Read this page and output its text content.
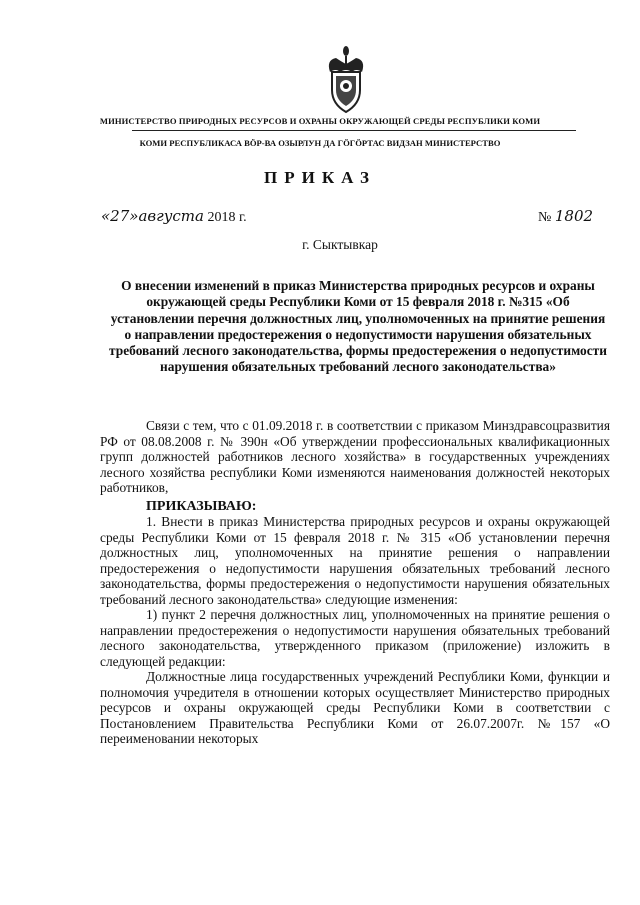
МИНИСТЕРСТВО ПРИРОДНЫХ РЕСУРСОВ И ОХРАНЫ ОКРУЖАЮЩЕЙ СРЕДЫ РЕСПУБЛИКИ КОМИ
КОМИ РЕСПУБЛИКАСА ВӦР-ВА ОЗЫРЛУН ДА ГӦГӦРТАС ВИДЗАН МИНИСТЕРСТВО
ПРИКАЗ
«27»августа 2018 г.	№ 1802
г. Сыктывкар
О внесении изменений в приказ Министерства природных ресурсов и охраны окружающей среды Республики Коми от 15 февраля 2018 г. №315 «Об установлении перечня должностных лиц, уполномоченных на принятие решения о направлении предостережения о недопустимости нарушения обязательных требований лесного законодательства, формы предостережения о недопустимости нарушения обязательных требований лесного законодательства»

Связи с тем, что с 01.09.2018 г. в соответствии с приказом Минздравсоцразвития РФ от 08.08.2008 г. № 390н «Об утверждении профессиональных квалификационных групп должностей работников лесного хозяйства» в государственных учреждениях лесного хозяйства республики Коми изменяются наименования должностей некоторых работников,

ПРИКАЗЫВАЮ:

1. Внести в приказ Министерства природных ресурсов и охраны окружающей среды Республики Коми от 15 февраля 2018 г. № 315 «Об установлении перечня должностных лиц, уполномоченных на принятие решения о направлении предостережения о недопустимости нарушения обязательных требований лесного законодательства, формы предостережения о недопустимости нарушения обязательных требований лесного законодательства» следующие изменения:

1) пункт 2 перечня должностных лиц, уполномоченных на принятие решения о направлении предостережения о недопустимости нарушения обязательных требований лесного законодательства, утвержденного приказом (приложение) изложить в следующей редакции:

Должностные лица государственных учреждений Республики Коми, функции и полномочия учредителя в отношении которых осуществляет Министерство природных ресурсов и охраны окружающей среды Республики Коми в соответствии с Постановлением Правительства Республики Коми от 26.07.2007г. №157 «О переименовании некоторых
